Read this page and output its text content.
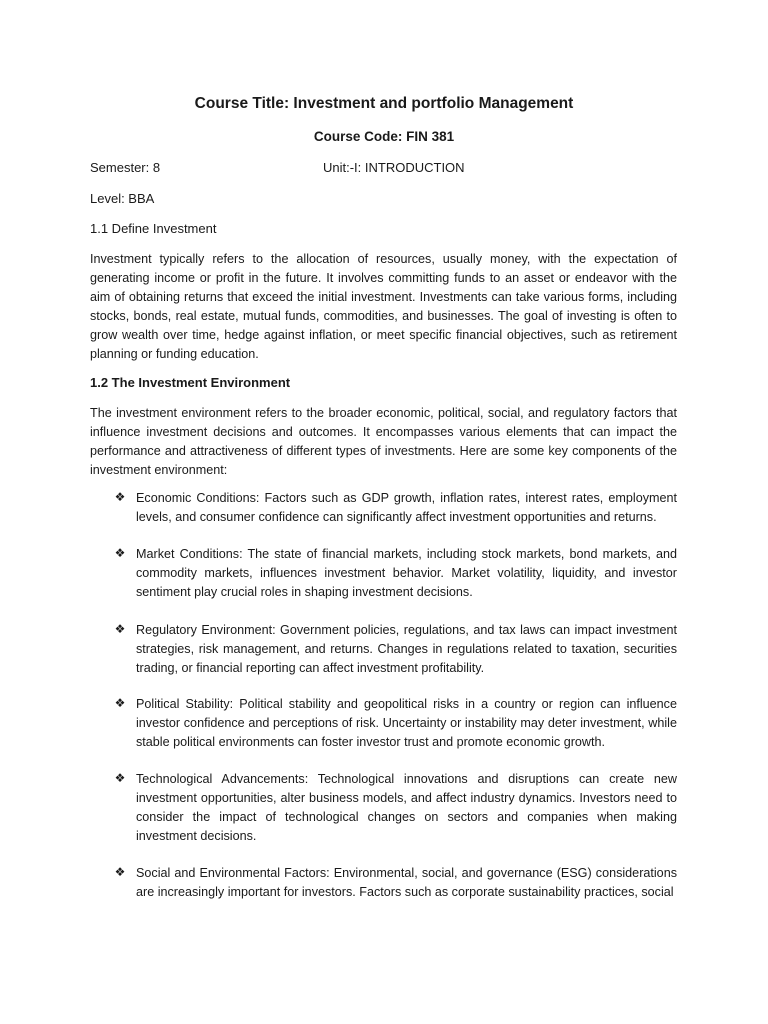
Course Title: Investment and portfolio Management
Course Code: FIN 381
Semester: 8	Unit:-I: INTRODUCTION
Level: BBA
1.1 Define Investment
Investment typically refers to the allocation of resources, usually money, with the expectation of generating income or profit in the future. It involves committing funds to an asset or endeavor with the aim of obtaining returns that exceed the initial investment. Investments can take various forms, including stocks, bonds, real estate, mutual funds, commodities, and businesses. The goal of investing is often to grow wealth over time, hedge against inflation, or meet specific financial objectives, such as retirement planning or funding education.
1.2 The Investment Environment
The investment environment refers to the broader economic, political, social, and regulatory factors that influence investment decisions and outcomes. It encompasses various elements that can impact the performance and attractiveness of different types of investments. Here are some key components of the investment environment:
❖ Economic Conditions: Factors such as GDP growth, inflation rates, interest rates, employment levels, and consumer confidence can significantly affect investment opportunities and returns.
❖ Market Conditions: The state of financial markets, including stock markets, bond markets, and commodity markets, influences investment behavior. Market volatility, liquidity, and investor sentiment play crucial roles in shaping investment decisions.
❖ Regulatory Environment: Government policies, regulations, and tax laws can impact investment strategies, risk management, and returns. Changes in regulations related to taxation, securities trading, or financial reporting can affect investment profitability.
❖ Political Stability: Political stability and geopolitical risks in a country or region can influence investor confidence and perceptions of risk. Uncertainty or instability may deter investment, while stable political environments can foster investor trust and promote economic growth.
❖ Technological Advancements: Technological innovations and disruptions can create new investment opportunities, alter business models, and affect industry dynamics. Investors need to consider the impact of technological changes on sectors and companies when making investment decisions.
❖ Social and Environmental Factors: Environmental, social, and governance (ESG) considerations are increasingly important for investors. Factors such as corporate sustainability practices, social
